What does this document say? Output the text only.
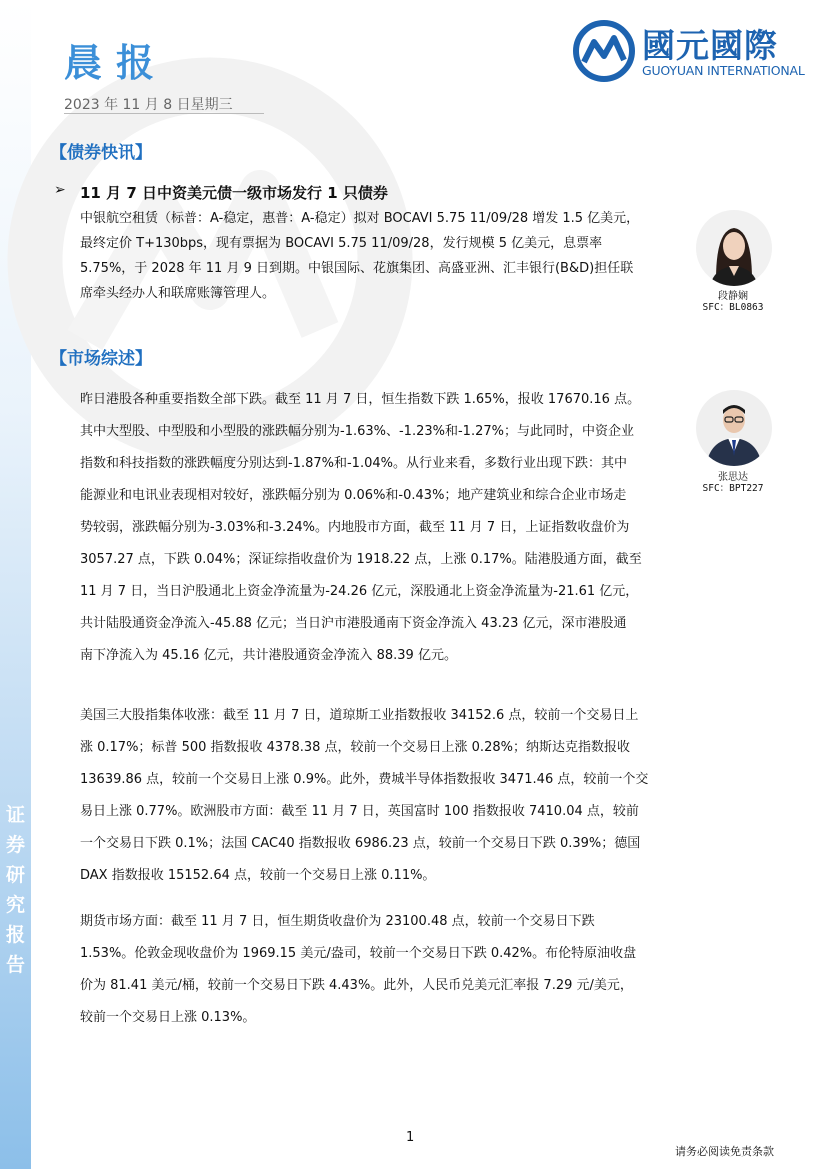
证
券
研
究
报
告
晨报
2023 年 11 月 8 日星期三
國元國際
GUOYUAN INTERNATIONAL
【债券快讯】
➢ 11 月 7 日中资美元债一级市场发行 1 只债券
中银航空租赁（标普：A-稳定，惠普：A-稳定）拟对 BOCAVI 5.75 11/09/28 增发 1.5 亿美元，
最终定价 T+130bps，现有票据为 BOCAVI 5.75 11/09/28，发行规模 5 亿美元，息票率
5.75%，于 2028 年 11 月 9 日到期。中银国际、花旗集团、高盛亚洲、汇丰银行(B&D)担任联
席牵头经办人和联席账簿管理人。	段静娴
SFC：BL0863
【市场综述】
张思达
SFC：BPT227
昨日港股各种重要指数全部下跌。截至 11 月 7 日，恒生指数下跌 1.65%，报收 17670.16 点。
其中大型股、中型股和小型股的涨跌幅分别为-1.63%、-1.23%和-1.27%；与此同时，中资企业
指数和科技指数的涨跌幅度分别达到-1.87%和-1.04%。从行业来看，多数行业出现下跌：其中
能源业和电讯业表现相对较好，涨跌幅分别为 0.06%和-0.43%；地产建筑业和综合企业市场走
势较弱，涨跌幅分别为-3.03%和-3.24%。内地股市方面，截至 11 月 7 日，上证指数收盘价为
3057.27 点，下跌 0.04%；深证综指收盘价为 1918.22 点，上涨 0.17%。陆港股通方面，截至
11 月 7 日，当日沪股通北上资金净流量为-24.26 亿元，深股通北上资金净流量为-21.61 亿元，
共计陆股通资金净流入-45.88 亿元；当日沪市港股通南下资金净流入 43.23 亿元，深市港股通
南下净流入为 45.16 亿元，共计港股通资金净流入 88.39 亿元。
美国三大股指集体收涨：截至 11 月 7 日，道琼斯工业指数报收 34152.6 点，较前一个交易日上
涨 0.17%；标普 500 指数报收 4378.38 点，较前一个交易日上涨 0.28%；纳斯达克指数报收
13639.86 点，较前一个交易日上涨 0.9%。此外，费城半导体指数报收 3471.46 点，较前一个交
易日上涨 0.77%。欧洲股市方面：截至 11 月 7 日，英国富时 100 指数报收 7410.04 点，较前
一个交易日下跌 0.1%；法国 CAC40 指数报收 6986.23 点，较前一个交易日下跌 0.39%；德国
DAX 指数报收 15152.64 点，较前一个交易日上涨 0.11%。
期货市场方面：截至 11 月 7 日，恒生期货收盘价为 23100.48 点，较前一个交易日下跌
1.53%。伦敦金现收盘价为 1969.15 美元/盎司，较前一个交易日下跌 0.42%。布伦特原油收盘
价为 81.41 美元/桶，较前一个交易日下跌 4.43%。此外，人民币兑美元汇率报 7.29 元/美元，
较前一个交易日上涨 0.13%。
1
请务必阅读免责条款
